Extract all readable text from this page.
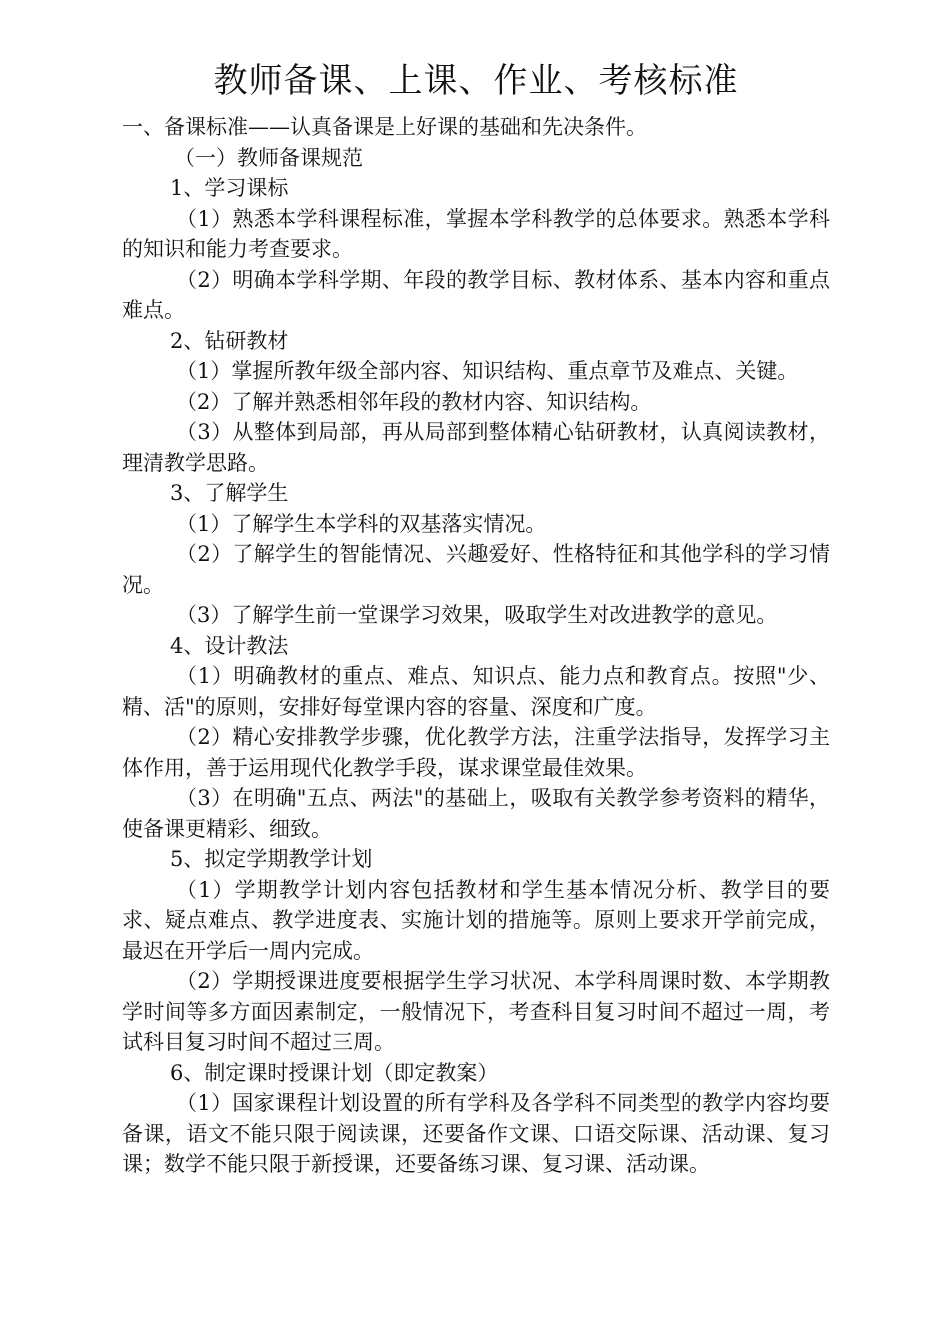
教师备课、上课、作业、考核标准

一、备课标准——认真备课是上好课的基础和先决条件。

（一）教师备课规范

1、学习课标

（1）熟悉本学科课程标准，掌握本学科教学的总体要求。熟悉本学科的知识和能力考查要求。

（2）明确本学科学期、年段的教学目标、教材体系、基本内容和重点难点。

2、钻研教材

（1）掌握所教年级全部内容、知识结构、重点章节及难点、关键。

（2）了解并熟悉相邻年段的教材内容、知识结构。

（3）从整体到局部，再从局部到整体精心钻研教材，认真阅读教材，理清教学思路。

3、了解学生

（1）了解学生本学科的双基落实情况。

（2）了解学生的智能情况、兴趣爱好、性格特征和其他学科的学习情况。

（3）了解学生前一堂课学习效果，吸取学生对改进教学的意见。

4、设计教法

（1）明确教材的重点、难点、知识点、能力点和教育点。按照"少、精、活"的原则，安排好每堂课内容的容量、深度和广度。

（2）精心安排教学步骤，优化教学方法，注重学法指导，发挥学习主体作用，善于运用现代化教学手段，谋求课堂最佳效果。

（3）在明确"五点、两法"的基础上，吸取有关教学参考资料的精华，使备课更精彩、细致。

5、拟定学期教学计划

（1）学期教学计划内容包括教材和学生基本情况分析、教学目的要求、疑点难点、教学进度表、实施计划的措施等。原则上要求开学前完成，最迟在开学后一周内完成。

（2）学期授课进度要根据学生学习状况、本学科周课时数、本学期教学时间等多方面因素制定，一般情况下，考查科目复习时间不超过一周，考试科目复习时间不超过三周。

6、制定课时授课计划（即定教案）

（1）国家课程计划设置的所有学科及各学科不同类型的教学内容均要备课，语文不能只限于阅读课，还要备作文课、口语交际课、活动课、复习课；数学不能只限于新授课，还要备练习课、复习课、活动课。
